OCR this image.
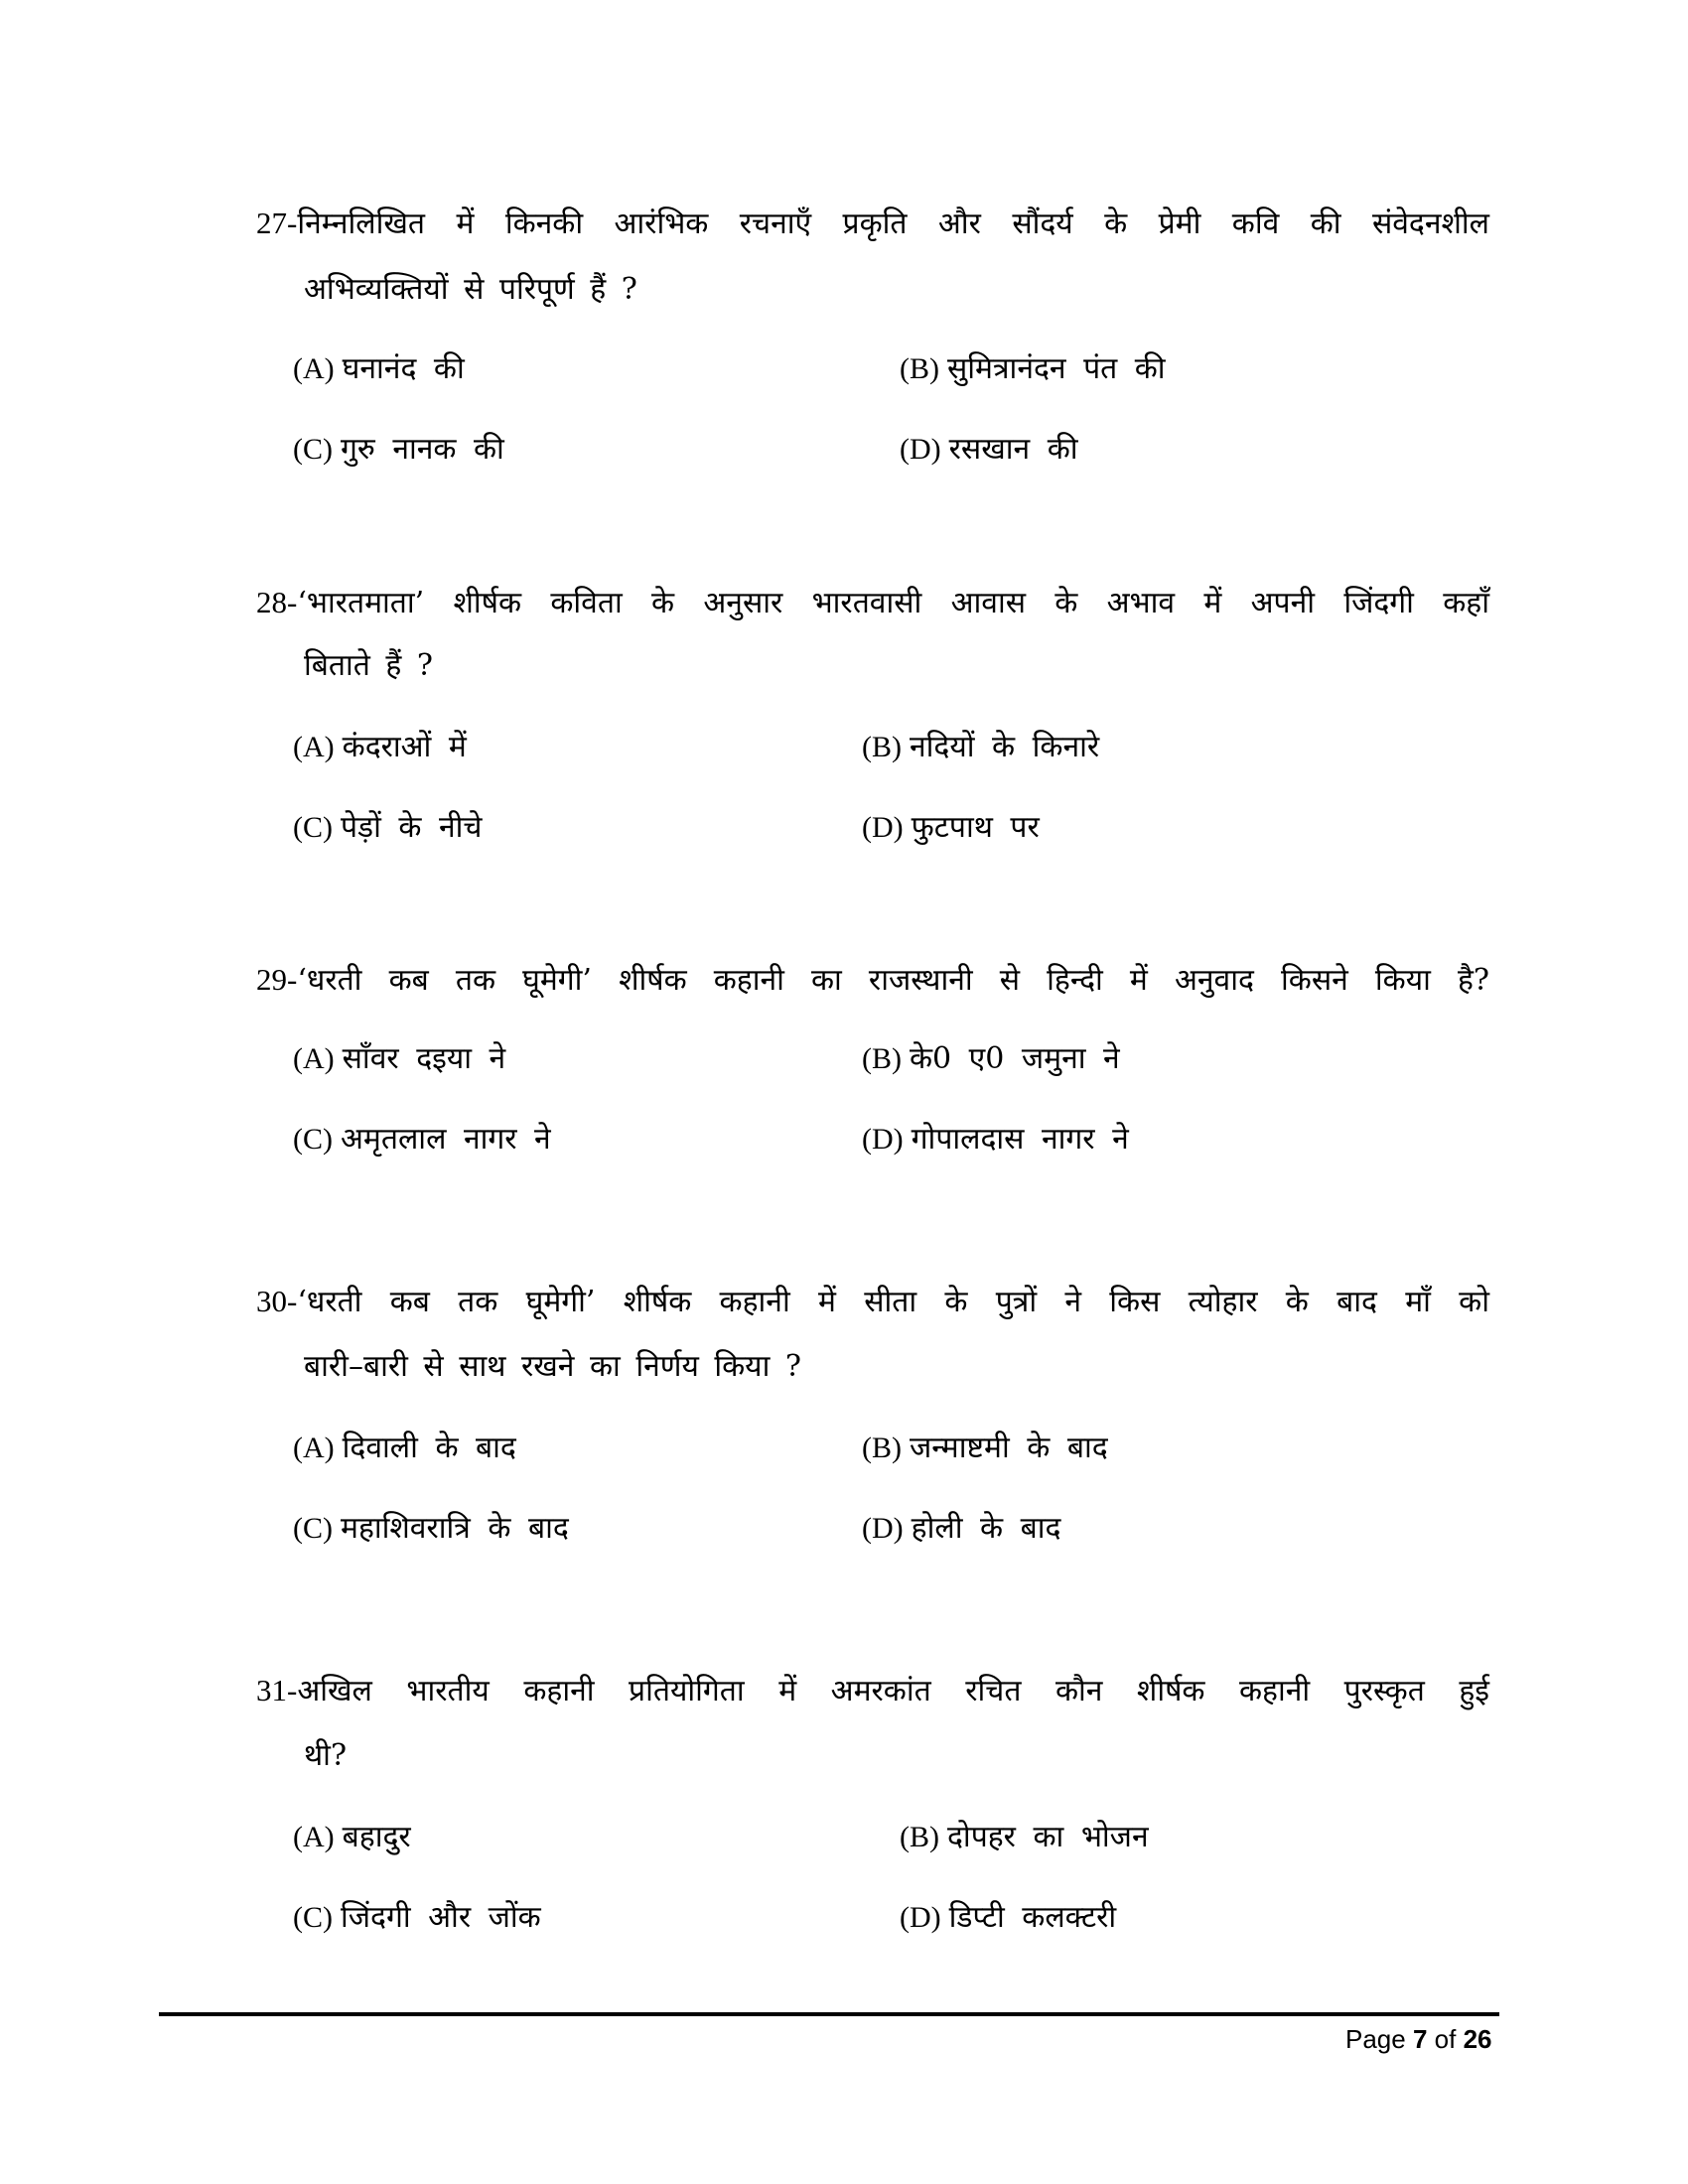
27-निम्नलिखित में किनकी आरंभिक रचनाएँ प्रकृति और सौंदर्य के प्रेमी कवि की संवेदनशील
अभिव्यक्तियों से परिपूर्ण हैं ?
(A) घनानंद की	(B) सुमित्रानंदन पंत की
(C) गुरु नानक की	(D) रसखान की
28-‘भारतमाता’ शीर्षक कविता के अनुसार भारतवासी आवास के अभाव में अपनी जिंदगी कहाँ
बिताते हैं ?
(A) कंदराओं में	(B) नदियों के किनारे
(C) पेड़ों के नीचे	(D) फुटपाथ पर
29-‘धरती कब तक घूमेगी’ शीर्षक कहानी का राजस्थानी से हिन्दी में अनुवाद किसने किया है?
(A) साँवर दइया ने	(B) के0 ए0 जमुना ने
(C) अमृतलाल नागर ने	(D) गोपालदास नागर ने
30-‘धरती कब तक घूमेगी’ शीर्षक कहानी में सीता के पुत्रों ने किस त्योहार के बाद माँ को
बारी–बारी से साथ रखने का निर्णय किया ?
(A) दिवाली के बाद	(B) जन्माष्टमी के बाद
(C) महाशिवरात्रि के बाद	(D) होली के बाद
31-अखिल भारतीय कहानी प्रतियोगिता में अमरकांत रचित कौन शीर्षक कहानी पुरस्कृत हुई
थी?
(A) बहादुर	(B) दोपहर का भोजन
(C) जिंदगी और जोंक	(D) डिप्टी कलक्टरी
Page 7 of 26
